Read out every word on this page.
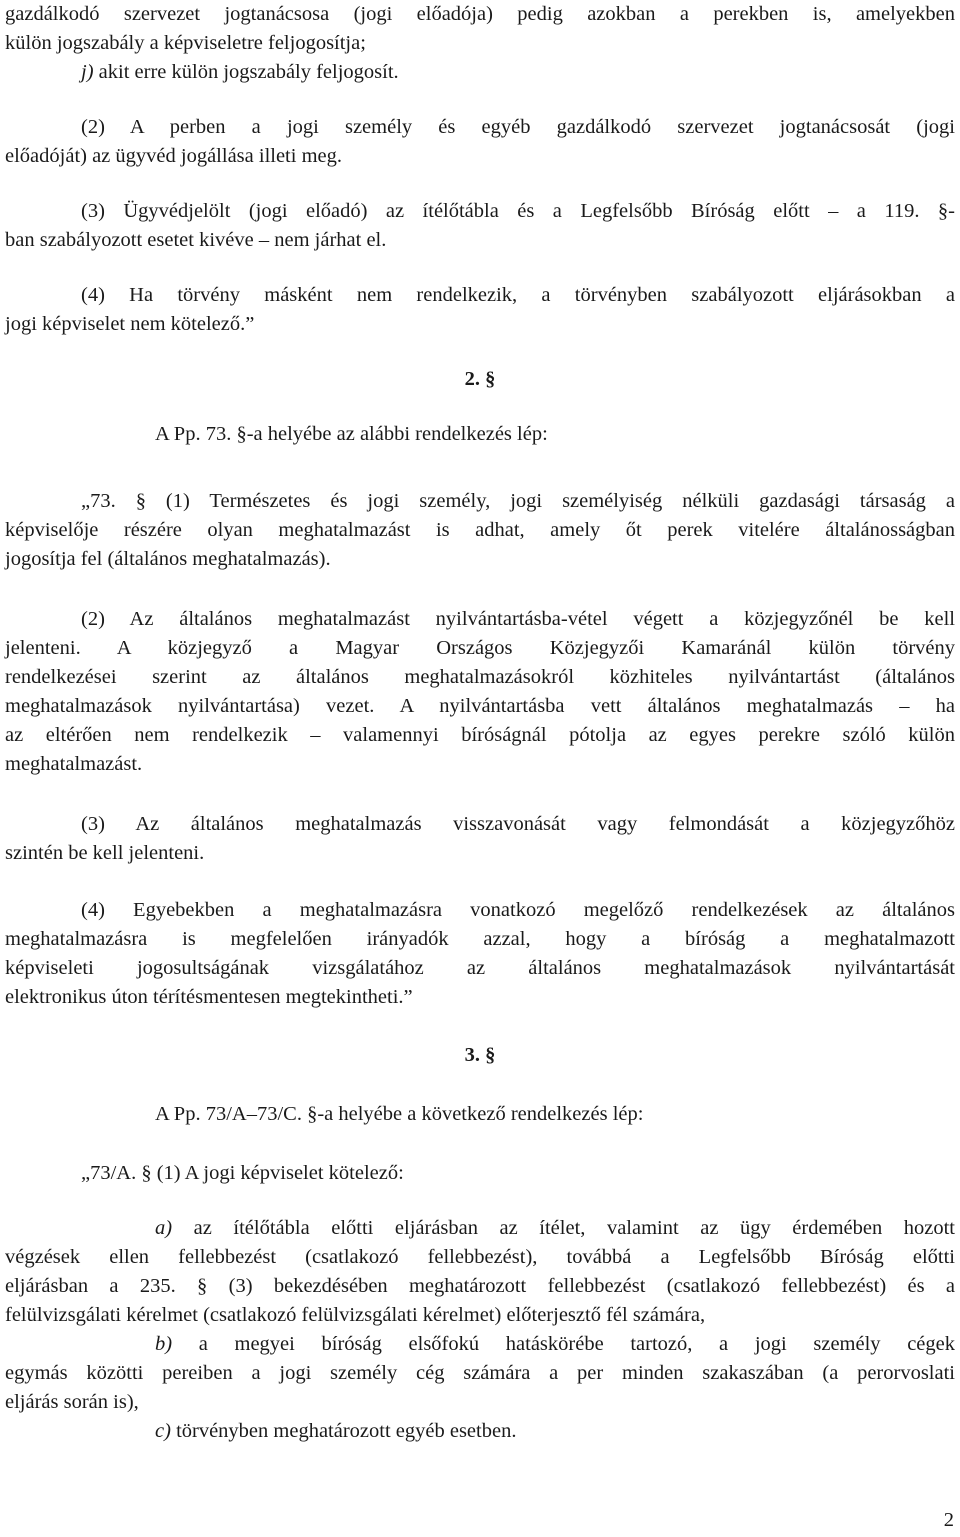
gazdálkodó szervezet jogtanácsosa (jogi előadója) pedig azokban a perekben is, amelyekben
külön jogszabály a képviseletre feljogosítja;
j) akit erre külön jogszabály feljogosít.
(2) A perben a jogi személy és egyéb gazdálkodó szervezet jogtanácsosát (jogi
előadóját) az ügyvéd jogállása illeti meg.
(3) Ügyvédjelölt (jogi előadó) az ítélőtábla és a Legfelsőbb Bíróság előtt – a 119. §-
ban szabályozott esetet kivéve – nem járhat el.
(4) Ha törvény másként nem rendelkezik, a törvényben szabályozott eljárásokban a
jogi képviselet nem kötelező.”
2. §
A Pp. 73. §-a helyébe az alábbi rendelkezés lép:
„73. § (1) Természetes és jogi személy, jogi személyiség nélküli gazdasági társaság a
képviselője részére olyan meghatalmazást is adhat, amely őt perek vitelére általánosságban
jogosítja fel (általános meghatalmazás).
(2) Az általános meghatalmazást nyilvántartásba-vétel végett a közjegyzőnél be kell
jelenteni. A közjegyző a Magyar Országos Közjegyzői Kamaránál külön törvény
rendelkezései szerint az általános meghatalmazásokról közhiteles nyilvántartást (általános
meghatalmazások nyilvántartása) vezet. A nyilvántartásba vett általános meghatalmazás – ha
az eltérően nem rendelkezik – valamennyi bíróságnál pótolja az egyes perekre szóló külön
meghatalmazást.
(3) Az általános meghatalmazás visszavonását vagy felmondását a közjegyzőhöz
szintén be kell jelenteni.
(4) Egyebekben a meghatalmazásra vonatkozó megelőző rendelkezések az általános
meghatalmazásra is megfelelően irányadók azzal, hogy a bíróság a meghatalmazott
képviseleti jogosultságának vizsgálatához az általános meghatalmazások nyilvántartását
elektronikus úton térítésmentesen megtekintheti.”
3. §
A Pp. 73/A–73/C. §-a helyébe a következő rendelkezés lép:
„73/A. § (1) A jogi képviselet kötelező:
a) az ítélőtábla előtti eljárásban az ítélet, valamint az ügy érdemében hozott
végzések ellen fellebbezést (csatlakozó fellebbezést), továbbá a Legfelsőbb Bíróság előtti
eljárásban a 235. § (3) bekezdésében meghatározott fellebbezést (csatlakozó fellebbezést) és a
felülvizsgálati kérelmet (csatlakozó felülvizsgálati kérelmet) előterjesztő fél számára,
b) a megyei bíróság elsőfokú hatáskörébe tartozó, a jogi személy cégek
egymás közötti pereiben a jogi személy cég számára a per minden szakaszában (a perorvoslati
eljárás során is),
c) törvényben meghatározott egyéb esetben.
2
